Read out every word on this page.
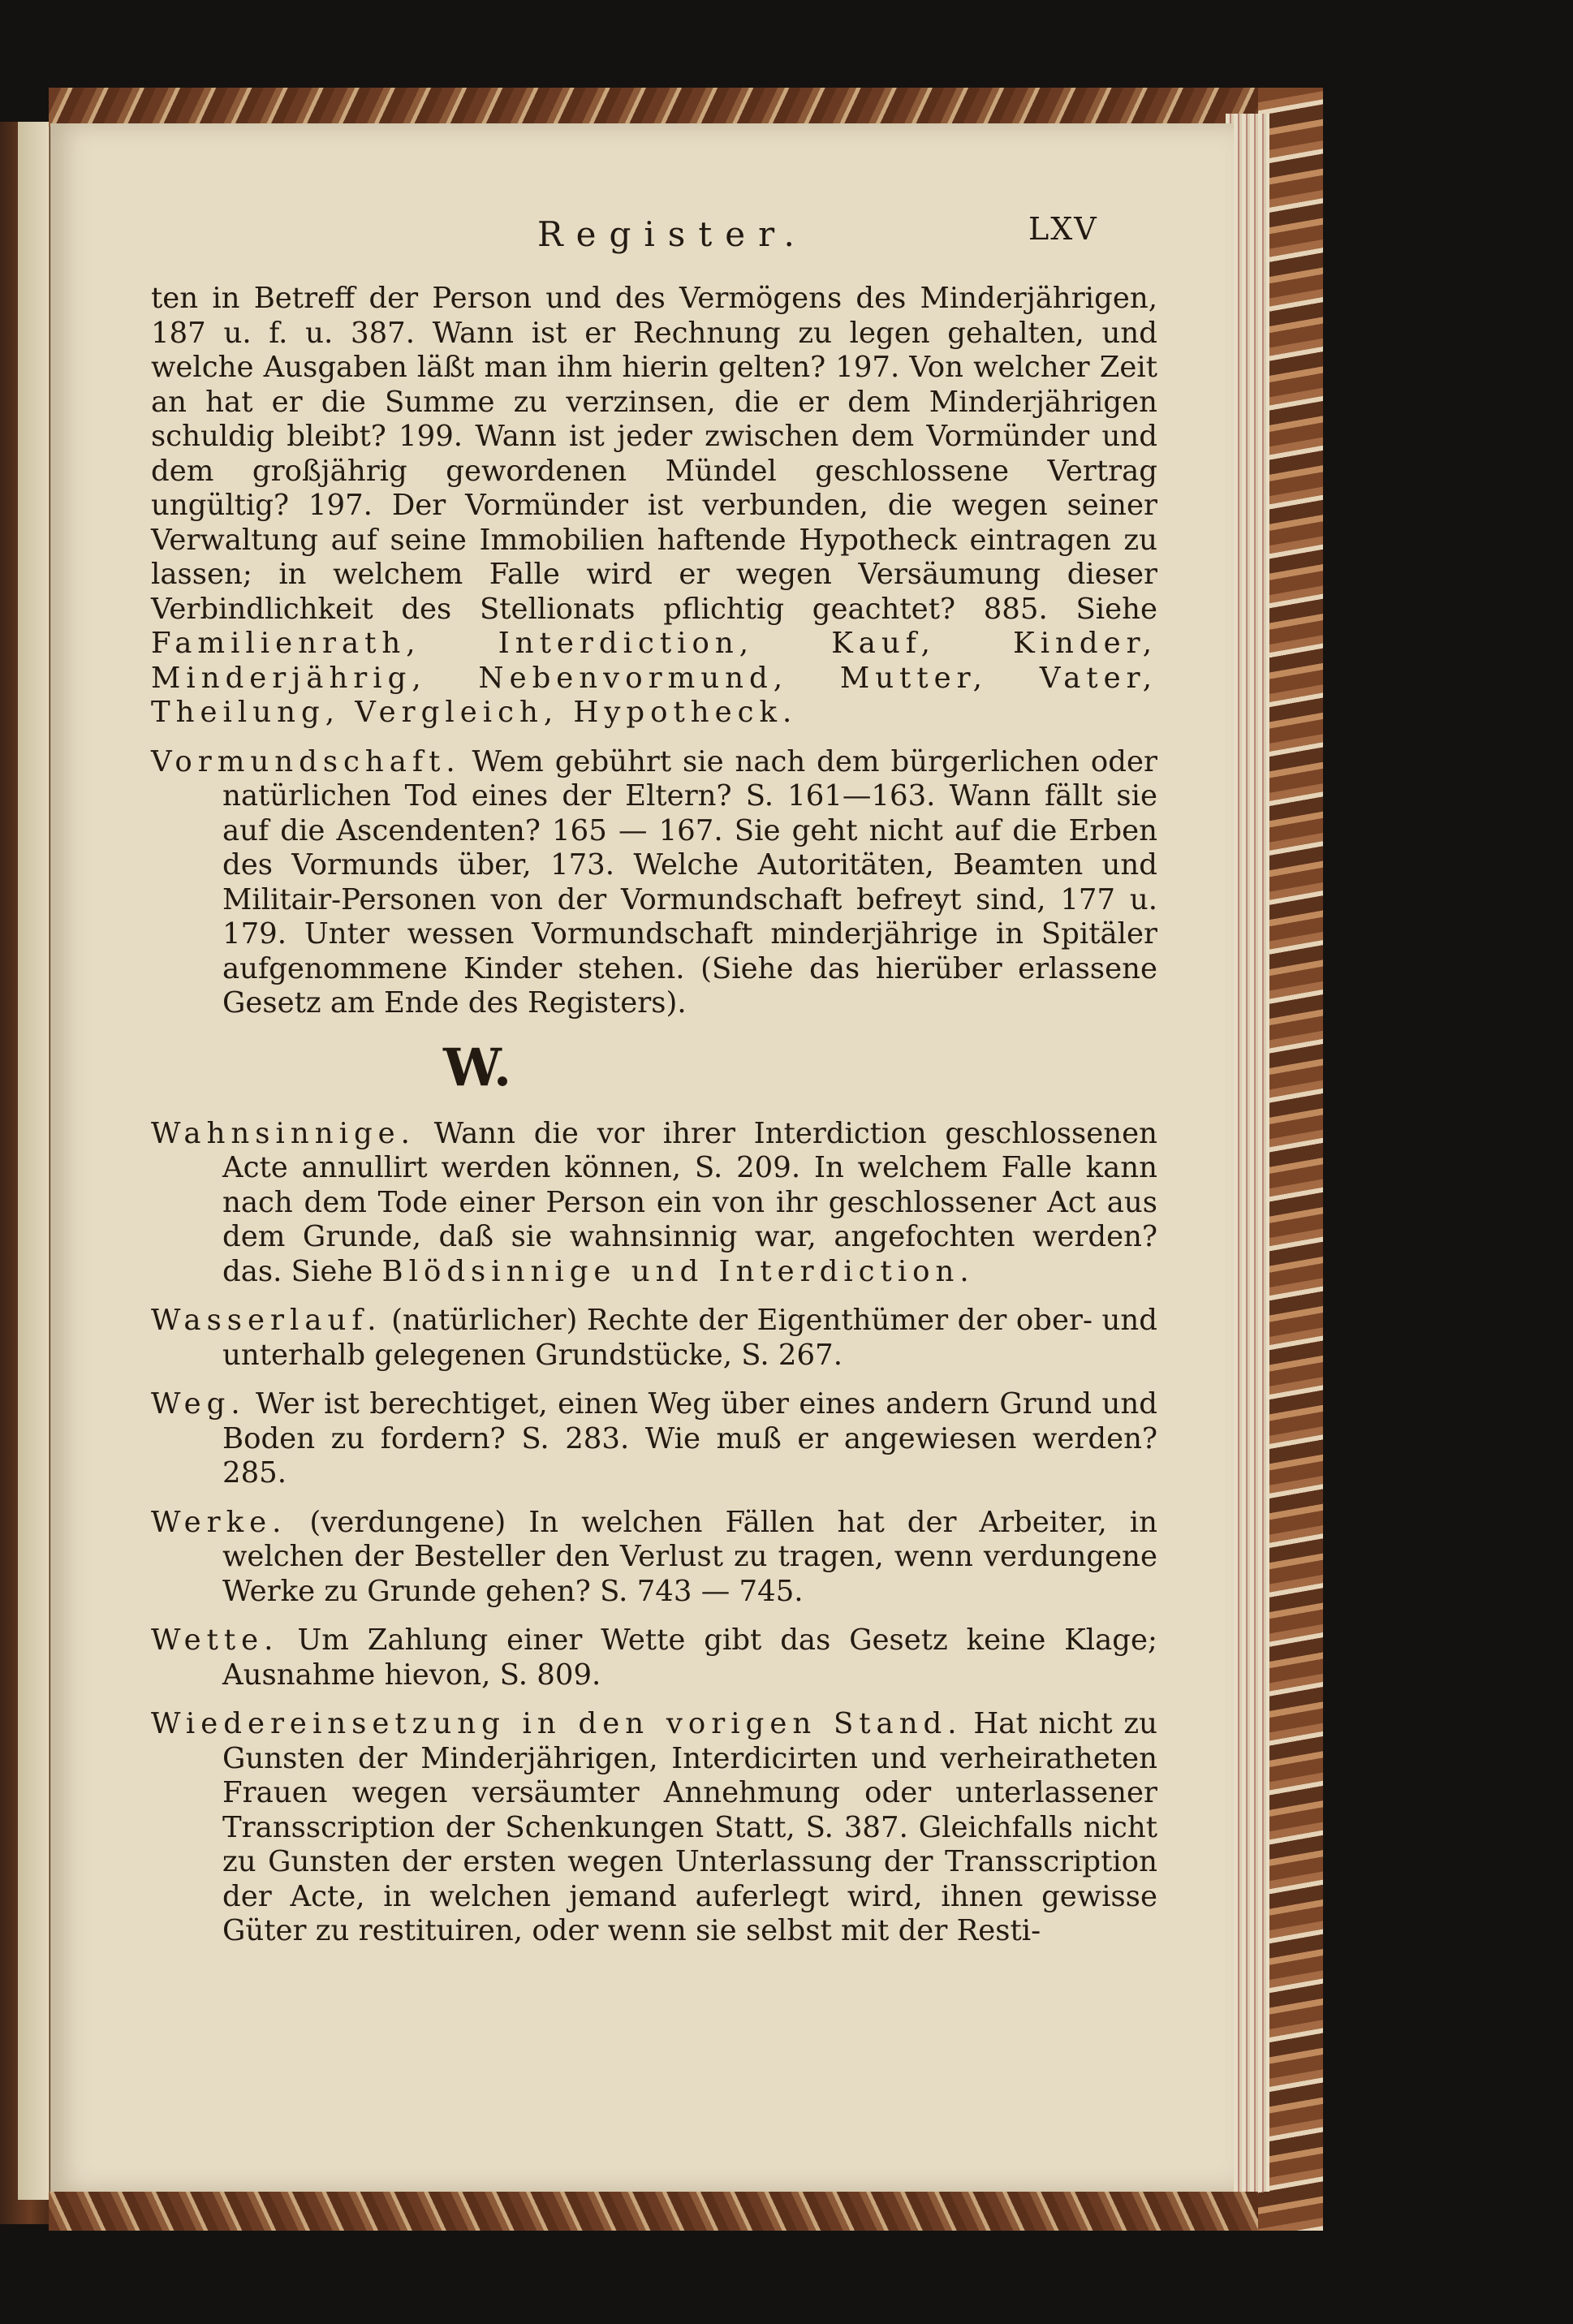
Register.	LXV

ten in Betreff der Person und des Vermögens des Minderjährigen, 187 u. f. u. 387. Wann ist er Rechnung zu legen gehalten, und welche Ausgaben läßt man ihm hierin gelten? 197. Von welcher Zeit an hat er die Summe zu verzinsen, die er dem Minderjährigen schuldig bleibt? 199. Wann ist jeder zwischen dem Vormünder und dem großjährig gewordenen Mündel geschlossene Vertrag ungültig? 197. Der Vormünder ist verbunden, die wegen seiner Verwaltung auf seine Immobilien haftende Hypotheck eintragen zu lassen; in welchem Falle wird er wegen Versäumung dieser Verbindlichkeit des Stellionats pflichtig geachtet? 885. Siehe Familienrath, Interdiction, Kauf, Kinder, Minderjährig, Nebenvormund, Mutter, Vater, Theilung, Vergleich, Hypotheck.

Vormundschaft. Wem gebührt sie nach dem bürgerlichen oder natürlichen Tod eines der Eltern? S. 161—163. Wann fällt sie auf die Ascendenten? 165 — 167. Sie geht nicht auf die Erben des Vormunds über, 173. Welche Autoritäten, Beamten und Militair-Personen von der Vormundschaft befreyt sind, 177 u. 179. Unter wessen Vormundschaft minderjährige in Spitäler aufgenommene Kinder stehen. (Siehe das hierüber erlassene Gesetz am Ende des Registers).

W.

Wahnsinnige. Wann die vor ihrer Interdiction geschlossenen Acte annullirt werden können, S. 209. In welchem Falle kann nach dem Tode einer Person ein von ihr geschlossener Act aus dem Grunde, daß sie wahnsinnig war, angefochten werden? das. Siehe Blödsinnige und Interdiction.

Wasserlauf. (natürlicher) Rechte der Eigenthümer der ober- und unterhalb gelegenen Grundstücke, S. 267.

Weg. Wer ist berechtiget, einen Weg über eines andern Grund und Boden zu fordern? S. 283. Wie muß er angewiesen werden? 285.

Werke. (verdungene) In welchen Fällen hat der Arbeiter, in welchen der Besteller den Verlust zu tragen, wenn verdungene Werke zu Grunde gehen? S. 743 — 745.

Wette. Um Zahlung einer Wette gibt das Gesetz keine Klage; Ausnahme hievon, S. 809.

Wiedereinsetzung in den vorigen Stand. Hat nicht zu Gunsten der Minderjährigen, Interdicirten und verheiratheten Frauen wegen versäumter Annehmung oder unterlassener Transscription der Schenkungen Statt, S. 387. Gleichfalls nicht zu Gunsten der ersten wegen Unterlassung der Transscription der Acte, in welchen jemand auferlegt wird, ihnen gewisse Güter zu restituiren, oder wenn sie selbst mit der Resti-
